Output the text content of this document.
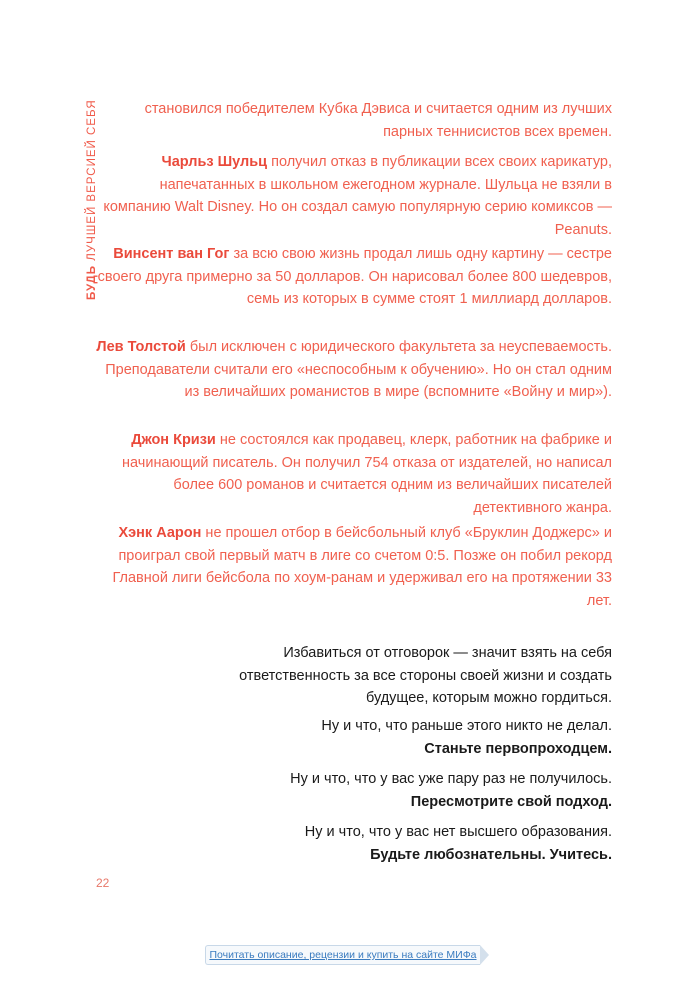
БУДЬ ЛУЧШЕЙ ВЕРСИЕЙ СЕБЯ	становился победителем Кубка Дэвиса и считается одним из лучших парных теннисистов всех времен.
Чарльз Шульц получил отказ в публикации всех своих карикатур, напечатанных в школьном ежегодном журнале. Шульца не взяли в компанию Walt Disney. Но он создал самую популярную серию комиксов — Peanuts.
Винсент ван Гог за всю свою жизнь продал лишь одну картину — сестре своего друга примерно за 50 долларов. Он нарисовал более 800 шедевров, семь из которых в сумме стоят 1 миллиард долларов.
Лев Толстой был исключен с юридического факультета за неуспеваемость. Преподаватели считали его «неспособным к обучению». Но он стал одним из величайших романистов в мире (вспомните «Войну и мир»).
Джон Кризи не состоялся как продавец, клерк, работник на фабрике и начинающий писатель. Он получил 754 отказа от издателей, но написал более 600 романов и считается одним из величайших писателей детективного жанра.
Хэнк Аарон не прошел отбор в бейсбольный клуб «Бруклин Доджерс» и проиграл свой первый матч в лиге со счетом 0:5. Позже он побил рекорд Главной лиги бейсбола по хоум-ранам и удерживал его на протяжении 33 лет.
Избавиться от отговорок — значит взять на себя ответственность за все стороны своей жизни и создать будущее, которым можно гордиться.
Ну и что, что раньше этого никто не делал.
Станьте первопроходцем.
Ну и что, что у вас уже пару раз не получилось.
Пересмотрите свой подход.
Ну и что, что у вас нет высшего образования.
Будьте любознательны. Учитесь.
22
Почитать описание, рецензии и купить на сайте МИФа
